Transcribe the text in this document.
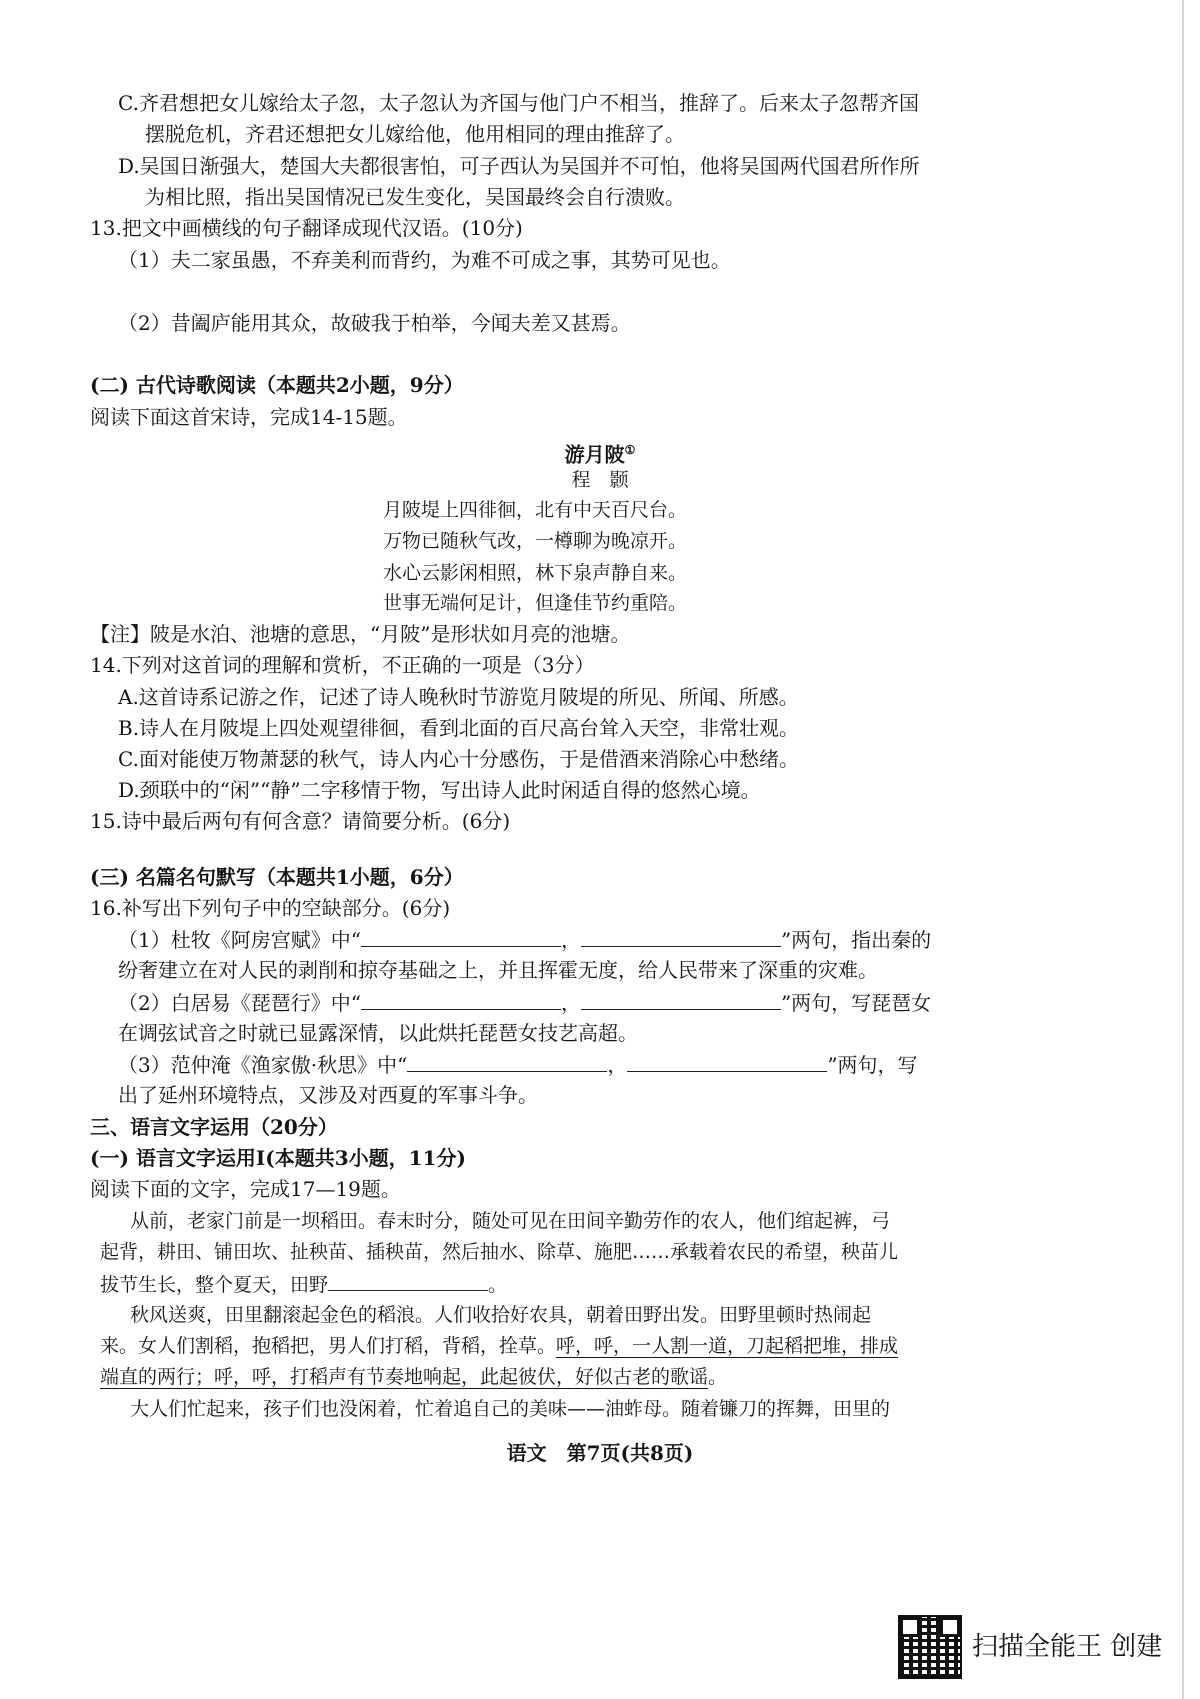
C.齐君想把女儿嫁给太子忽，太子忽认为齐国与他门户不相当，推辞了。后来太子忽帮齐国
摆脱危机，齐君还想把女儿嫁给他，他用相同的理由推辞了。
D.吴国日渐强大，楚国大夫都很害怕，可子西认为吴国并不可怕，他将吴国两代国君所作所
为相比照，指出吴国情况已发生变化，吴国最终会自行溃败。
13.把文中画横线的句子翻译成现代汉语。(10分)
（1）夫二家虽愚，不弃美利而背约，为难不可成之事，其势可见也。
（2）昔阖庐能用其众，故破我于柏举，今闻夫差又甚焉。
(二) 古代诗歌阅读（本题共2小题，9分）
阅读下面这首宋诗，完成14-15题。
游月陂①
程　颢
月陂堤上四徘徊，北有中天百尺台。
万物已随秋气改，一樽聊为晚凉开。
水心云影闲相照，林下泉声静自来。
世事无端何足计，但逢佳节约重陪。
【注】陂是水泊、池塘的意思，“月陂”是形状如月亮的池塘。
14.下列对这首词的理解和赏析，不正确的一项是（3分）
A.这首诗系记游之作，记述了诗人晚秋时节游览月陂堤的所见、所闻、所感。
B.诗人在月陂堤上四处观望徘徊，看到北面的百尺高台耸入天空，非常壮观。
C.面对能使万物萧瑟的秋气，诗人内心十分感伤，于是借酒来消除心中愁绪。
D.颈联中的“闲”“静”二字移情于物，写出诗人此时闲适自得的悠然心境。
15.诗中最后两句有何含意？请简要分析。(6分)
(三) 名篇名句默写（本题共1小题，6分）
16.补写出下列句子中的空缺部分。(6分)
（1）杜牧《阿房宫赋》中“	，	”两句，指出秦的
纷奢建立在对人民的剥削和掠夺基础之上，并且挥霍无度，给人民带来了深重的灾难。
（2）白居易《琵琶行》中“	，	”两句，写琵琶女
在调弦试音之时就已显露深情，以此烘托琵琶女技艺高超。
（3）范仲淹《渔家傲·秋思》中“	，	”两句，写
出了延州环境特点，又涉及对西夏的军事斗争。
三、语言文字运用（20分）
(一) 语言文字运用Ⅰ(本题共3小题，11分)
阅读下面的文字，完成17—19题。
从前，老家门前是一坝稻田。春末时分，随处可见在田间辛勤劳作的农人，他们绾起裤，弓
起背，耕田、铺田坎、扯秧苗、插秧苗，然后抽水、除草、施肥……承载着农民的希望，秧苗儿
拔节生长，整个夏天，田野	。
秋风送爽，田里翻滚起金色的稻浪。人们收拾好农具，朝着田野出发。田野里顿时热闹起
来。女人们割稻，抱稻把，男人们打稻，背稻，拴草。呼，呼，一人割一道，刀起稻把堆，排成
端直的两行；呼，呼，打稻声有节奏地响起，此起彼伏，好似古老的歌谣。
大人们忙起来，孩子们也没闲着，忙着追自己的美味——油蚱母。随着镰刀的挥舞，田里的
语文　第7页(共8页)
扫描全能王 创建
